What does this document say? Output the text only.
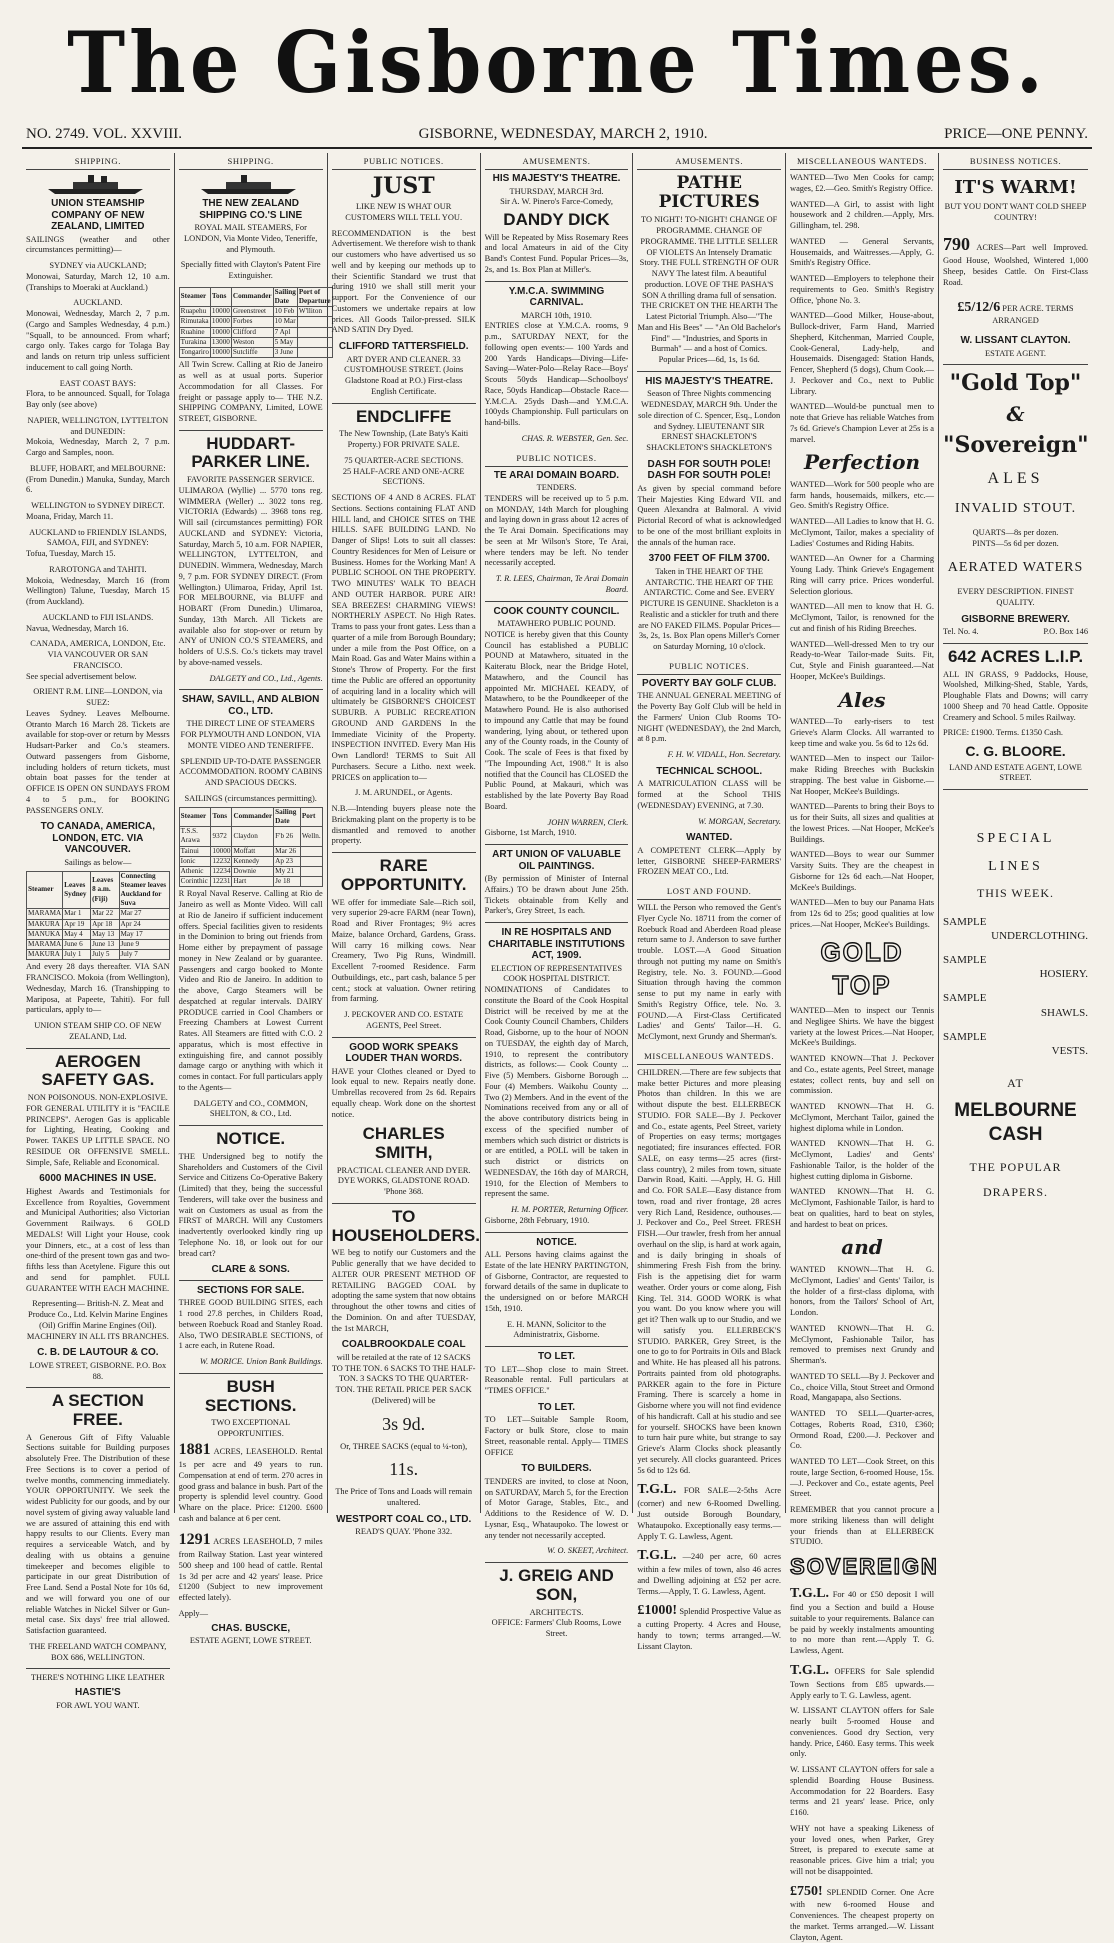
The Gisborne Times.
NO. 2749. VOL. XXVIII.	GISBORNE, WEDNESDAY, MARCH 2, 1910.	PRICE—ONE PENNY.
SHIPPING.
UNION STEAMSHIP COMPANY OF NEW ZEALAND, LIMITED
SAILINGS (weather and other circumstances permitting)—
SYDNEY via AUCKLAND;
Monowai, Saturday, March 12, 10 a.m. (Tranships to Moeraki at Auckland.)
AUCKLAND.
Monowai, Wednesday, March 2, 7 p.m. (Cargo and Samples Wednesday, 4 p.m.) "Squall, to be announced. From wharf; cargo only. Takes cargo for Tolaga Bay and lands on return trip unless sufficient inducement to call going North.
EAST COAST BAYS:
Flora, to be announced. Squall, for Tolaga Bay only (see above)
NAPIER, WELLINGTON, LYTTELTON and DUNEDIN:
Mokoia, Wednesday, March 2, 7 p.m. Cargo and Samples, noon.
BLUFF, HOBART, and MELBOURNE:
(From Dunedin.) Manuka, Sunday, March 6.
WELLINGTON to SYDNEY DIRECT.
Moana, Friday, March 11.
AUCKLAND to FRIENDLY ISLANDS, SAMOA, FIJI, and SYDNEY:
Tofua, Tuesday, March 15.
RAROTONGA and TAHITI.
Mokoia, Wednesday, March 16 (from Wellington) Talune, Tuesday, March 15 (from Auckland).
AUCKLAND to FIJI ISLANDS.
Navua, Wednesday, March 16.
CANADA, AMERICA, LONDON, Etc. VIA VANCOUVER OR SAN FRANCISCO.
See special advertisement below.
ORIENT R.M. LINE—LONDON, via SUEZ:
Leaves Sydney. Leaves Melbourne. Otranto March 16 March 28. Tickets are available for stop-over or return by Messrs Hudsart-Parker and Co.'s steamers. Outward passengers from Gisborne, including holders of return tickets, must obtain boat passes for the tender at OFFICE IS OPEN ON SUNDAYS FROM 4 to 5 p.m., for BOOKING PASSENGERS ONLY.
TO CANADA, AMERICA, LONDON, ETC. VIA VANCOUVER.
Sailings as below—
Steamer	Leaves Sydney	Leaves 8 a.m. (Fiji)	Connecting Steamer leaves Auckland for Suva
MARAMA	Mar 1	Mar 22	Mar 27
MAKURA	Apr 19	Apr 18	Apr 24
MANUKA	May 4	May 13	May 17
MARAMA	June 6	June 13	June 9
MAKURA	July 1	July 5	July 7
And every 28 days thereafter. VIA SAN FRANCISCO. Mokoia (from Wellington), Wednesday, March 16. (Transhipping to Mariposa, at Papeete, Tahiti). For full particulars, apply to—
UNION STEAM SHIP CO. OF NEW ZEALAND, Ltd.
AEROGEN SAFETY GAS.
NON POISONOUS. NON-EXPLOSIVE.
FOR GENERAL UTILITY it is "FACILE PRINCEPS". Aerogen Gas is applicable for Lighting, Heating, Cooking and Power. TAKES UP LITTLE SPACE. NO RESIDUE OR OFFENSIVE SMELL. Simple, Safe, Reliable and Economical.
6000 MACHINES IN USE.
Highest Awards and Testimonials for Excellence from Royalties, Government and Municipal Authorities; also Victorian Government Railways. 6 GOLD MEDALS! Will Light your House, cook your Dinners, etc., at a cost of less than one-third of the present town gas and two-fifths less than Acetylene. Figure this out and send for pamphlet. FULL GUARANTEE WITH EACH MACHINE.
Representing— British-N. Z. Meat and Produce Co., Ltd. Kelvin Marine Engines (Oil) Griffin Marine Engines (Oil). MACHINERY IN ALL ITS BRANCHES.
C. B. DE LAUTOUR & CO.
LOWE STREET, GISBORNE. P.O. Box 88.
A SECTION FREE.
A Generous Gift of Fifty Valuable Sections suitable for Building purposes absolutely Free. The Distribution of these Free Sections is to cover a period of twelve months, commencing immediately. YOUR OPPORTUNITY. We seek the widest Publicity for our goods, and by our novel system of giving away valuable land we are assured of attaining this end with happy results to our Clients. Every man requires a serviceable Watch, and by dealing with us obtains a genuine timekeeper and becomes eligible to participate in our great Distribution of Free Land. Send a Postal Note for 10s 6d, and we will forward you one of our reliable Watches in Nickel Silver or Gun-metal case. Six days' free trial allowed. Satisfaction guaranteed.
THE FREELAND WATCH COMPANY, BOX 686, WELLINGTON.
THERE'S NOTHING LIKE LEATHER
HASTIE'S
FOR AWL YOU WANT.
SHIPPING.
THE NEW ZEALAND SHIPPING CO.'S LINE
ROYAL MAIL STEAMERS, For LONDON, Via Monte Video, Teneriffe, and Plymouth.
Specially fitted with Clayton's Patent Fire Extinguisher.
Steamer	Tons	Commander	Sailing Date	Port of Departure
Ruapehu	10000	Greenstreet	10 Feb	W'lliton
Rimutaka	10000	Forbes	10 Mar	
Ruahine	10000	Clifford	7 Apl	
Turakina	13000	Weston	5 May	
Tongariro	10000	Sutcliffe	3 June	
All Twin Screw. Calling at Rio de Janeiro as well as at usual ports. Superior Accommodation for all Classes. For freight or passage apply to— THE N.Z. SHIPPING COMPANY, Limited, LOWE STREET, GISBORNE.
HUDDART-PARKER LINE.
FAVORITE PASSENGER SERVICE.
ULIMAROA (Wyllie) ... 5770 tons reg. WIMMERA (Weller) ... 3022 tons reg. VICTORIA (Edwards) ... 3968 tons reg. Will sail (circumstances permitting) FOR AUCKLAND and SYDNEY: Victoria, Saturday, March 5, 10 a.m. FOR NAPIER, WELLINGTON, LYTTELTON, and DUNEDIN. Wimmera, Wednesday, March 9, 7 p.m. FOR SYDNEY DIRECT. (From Wellington.) Ulimaroa, Friday, April 1st. FOR MELBOURNE, via BLUFF and HOBART (From Dunedin.) Ulimaroa, Sunday, 13th March. All Tickets are available also for stop-over or return by ANY of UNION CO.'S STEAMERS, and holders of U.S.S. Co.'s tickets may travel by above-named vessels.
DALGETY and CO., Ltd., Agents.
SHAW, SAVILL, AND ALBION CO., LTD.
THE DIRECT LINE OF STEAMERS FOR PLYMOUTH AND LONDON, VIA MONTE VIDEO AND TENERIFFE.
SPLENDID UP-TO-DATE PASSENGER ACCOMMODATION. ROOMY CABINS AND SPACIOUS DECKS.
SAILINGS (circumstances permitting).
Steamer	Tons	Commander	Sailing Date	Port
T.S.S. Arawa	9372	Claydon	F'b 26	Welln.
Tainui	10000	Moffatt	Mar 26	
Ionic	12232	Kennedy	Ap 23	
Athenic	12234	Downie	My 21	
Corinthic	12231	Hart	Je 18	
R Royal Naval Reserve. Calling at Rio de Janeiro as well as Monte Video. Will call at Rio de Janeiro if sufficient inducement offers. Special facilities given to residents in the Dominion to bring out friends from Home either by prepayment of passage money in New Zealand or by guarantee. Passengers and cargo booked to Monte Video and Rio de Janeiro. In addition to the above, Cargo Steamers will be despatched at regular intervals. DAIRY PRODUCE carried in Cool Chambers or Freezing Chambers at Lowest Current Rates. All Steamers are fitted with C.O. 2 apparatus, which is most effective in extinguishing fire, and cannot possibly damage cargo or anything with which it comes in contact. For full particulars apply to the Agents—
DALGETY and CO., COMMON, SHELTON, & CO., Ltd.
NOTICE.
THE Undersigned beg to notify the Shareholders and Customers of the Civil Service and Citizens Co-Operative Bakery (Limited) that they, being the successful Tenderers, will take over the business and wait on Customers as usual as from the FIRST of MARCH. Will any Customers inadvertently overlooked kindly ring up Telephone No. 18, or look out for our bread cart?
CLARE & SONS.
SECTIONS FOR SALE.
THREE GOOD BUILDING SITES, each 1 rood 27.8 perches, in Childers Road, between Roebuck Road and Stanley Road. Also, TWO DESIRABLE SECTIONS, of 1 acre each, in Rutene Road.
W. MORICE. Union Bank Buildings.
BUSH SECTIONS.
TWO EXCEPTIONAL OPPORTUNITIES.
1881 ACRES, LEASEHOLD. Rental 1s per acre and 49 years to run. Compensation at end of term. 270 acres in good grass and balance in bush. Part of the property is splendid level country. Good Whare on the place. Price: £1200. £600 cash and balance at 6 per cent.
1291 ACRES LEASEHOLD, 7 miles from Railway Station. Last year wintered 500 sheep and 100 head of cattle. Rental 1s 3d per acre and 42 years' lease. Price £1200 (Subject to new improvement effected lately).
Apply—
CHAS. BUSCKE,
ESTATE AGENT, LOWE STREET.
PUBLIC NOTICES.
JUST
LIKE NEW IS WHAT OUR CUSTOMERS WILL TELL YOU.
RECOMMENDATION is the best Advertisement. We therefore wish to thank our customers who have advertised us so well and by keeping our methods up to their Scientific Standard we trust that during 1910 we shall still merit your support. For the Convenience of our Customers we undertake repairs at low prices. All Goods Tailor-pressed. SILK AND SATIN Dry Dyed.
CLIFFORD TATTERSFIELD.
ART DYER AND CLEANER. 33 CUSTOMHOUSE STREET. (Joins Gladstone Road at P.O.) First-class English Certificate.
ENDCLIFFE
The New Township, (Late Baty's Kaiti Property.) FOR PRIVATE SALE.
75 QUARTER-ACRE SECTIONS.
25 HALF-ACRE AND ONE-ACRE SECTIONS.
SECTIONS OF 4 AND 8 ACRES. FLAT Sections. Sections containing FLAT AND HILL land, and CHOICE SITES on THE HILLS. SAFE BUILDING LAND. No Danger of Slips! Lots to suit all classes: Country Residences for Men of Leisure or Business. Homes for the Working Man! A PUBLIC SCHOOL ON THE PROPERTY. TWO MINUTES' WALK TO BEACH AND OUTER HARBOR. PURE AIR! SEA BREEZES! CHARMING VIEWS! NORTHERLY ASPECT. No High Rates. Trams to pass your front gates. Less than a quarter of a mile from Borough Boundary; under a mile from the Post Office, on a Main Road. Gas and Water Mains within a Stone's Throw of Property. For the first time the Public are offered an opportunity of acquiring land in a locality which will ultimately be GISBORNE'S CHOICEST SUBURB. A PUBLIC RECREATION GROUND AND GARDENS In the Immediate Vicinity of the Property. INSPECTION INVITED. Every Man His Own Landlord! TERMS to Suit All Purchasers. Secure a Litho. next week. PRICES on application to—
J. M. ARUNDEL, or Agents.
N.B.—Intending buyers please note the Brickmaking plant on the property is to be dismantled and removed to another property.
RARE OPPORTUNITY.
WE offer for immediate Sale—Rich soil, very superior 29-acre FARM (near Town), Road and River Frontages; 9½ acres Maize, balance Orchard, Gardens, Grass. Will carry 16 milking cows. Near Creamery, Two Pig Runs, Windmill. Excellent 7-roomed Residence. Farm Outbuildings, etc., part cash, balance 5 per cent.; stock at valuation. Owner retiring from farming.
J. PECKOVER AND CO. ESTATE AGENTS, Peel Street.
GOOD WORK SPEAKS LOUDER THAN WORDS.
HAVE your Clothes cleaned or Dyed to look equal to new. Repairs neatly done. Umbrellas recovered from 2s 6d. Repairs equally cheap. Work done on the shortest notice.
CHARLES SMITH,
PRACTICAL CLEANER AND DYER. DYE WORKS, GLADSTONE ROAD. 'Phone 368.
TO HOUSEHOLDERS.
WE beg to notify our Customers and the Public generally that we have decided to ALTER OUR PRESENT METHOD OF RETAILING BAGGED COAL by adopting the same system that now obtains throughout the other towns and cities of the Dominion. On and after TUESDAY, the 1st MARCH,
COALBROOKDALE COAL
will be retailed at the rate of 12 SACKS TO THE TON. 6 SACKS TO THE HALF-TON. 3 SACKS TO THE QUARTER-TON. THE RETAIL PRICE PER SACK (Delivered) will be
3s 9d.
Or, THREE SACKS (equal to ¼-ton),
11s.
The Price of Tons and Loads will remain unaltered.
WESTPORT COAL CO., LTD.
READ'S QUAY. 'Phone 332.
AMUSEMENTS.
HIS MAJESTY'S THEATRE.
THURSDAY, MARCH 3rd.
Sir A. W. Pinero's Farce-Comedy,
DANDY DICK
Will be Repeated by Miss Rosemary Rees and local Amateurs in aid of the City Band's Contest Fund. Popular Prices—3s, 2s, and 1s. Box Plan at Miller's.
Y.M.C.A. SWIMMING CARNIVAL.
MARCH 10th, 1910.
ENTRIES close at Y.M.C.A. rooms, 9 p.m., SATURDAY NEXT, for the following open events:— 100 Yards and 200 Yards Handicaps—Diving—Life-Saving—Water-Polo—Relay Race—Boys' Scouts 50yds Handicap—Schoolboys' Race, 50yds Handicap—Obstacle Race—Y.M.C.A. 25yds Dash—and Y.M.C.A. 100yds Championship. Full particulars on hand-bills.
CHAS. R. WEBSTER, Gen. Sec.
PUBLIC NOTICES.
TE ARAI DOMAIN BOARD.
TENDERS.
TENDERS will be received up to 5 p.m. on MONDAY, 14th March for ploughing and laying down in grass about 12 acres of the Te Arai Domain. Specifications may be seen at Mr Wilson's Store, Te Arai, where tenders may be left. No tender necessarily accepted.
T. R. LEES, Chairman, Te Arai Domain Board.
COOK COUNTY COUNCIL.
MATAWHERO PUBLIC POUND.
NOTICE is hereby given that this County Council has established a PUBLIC POUND at Matawhero, situated in the Kaiteratu Block, near the Bridge Hotel, Matawhero, and the Council has appointed Mr. MICHAEL KEADY, of Matawhero, to be the Poundkeeper of the Matawhero Pound. He is also authorised to impound any Cattle that may be found wandering, lying about, or tethered upon any of the County roads, in the County of Cook. The scale of Fees is that fixed by "The Impounding Act, 1908." It is also notified that the Council has CLOSED the Public Pound, at Makauri, which was established by the late Poverty Bay Road Board.
JOHN WARREN, Clerk.
Gisborne, 1st March, 1910.
ART UNION OF VALUABLE OIL PAINTINGS.
(By permission of Minister of Internal Affairs.) TO be drawn about June 25th. Tickets obtainable from Kelly and Parker's, Grey Street, 1s each.
IN RE HOSPITALS AND CHARITABLE INSTITUTIONS ACT, 1909.
ELECTION OF REPRESENTATIVES COOK HOSPITAL DISTRICT.
NOMINATIONS of Candidates to constitute the Board of the Cook Hospital District will be received by me at the Cook County Council Chambers, Childers Road, Gisborne, up to the hour of NOON on TUESDAY, the eighth day of March, 1910, to represent the contributory districts, as follows:— Cook County ... Five (5) Members. Gisborne Borough ... Four (4) Members. Waikohu County ... Two (2) Members. And in the event of the Nominations received from any or all of the above contributory districts being in excess of the specified number of members which such district or districts is or are entitled, a POLL will be taken in such district or districts on WEDNESDAY, the 16th day of MARCH, 1910, for the Election of Members to represent the same.
H. M. PORTER, Returning Officer.
Gisborne, 28th February, 1910.
NOTICE.
ALL Persons having claims against the Estate of the late HENRY PARTINGTON, of Gisborne, Contractor, are requested to forward details of the same in duplicate to the undersigned on or before MARCH 15th, 1910.
E. H. MANN, Solicitor to the Administratrix, Gisborne.
TO LET.
TO LET—Shop close to main Street. Reasonable rental. Full particulars at "TIMES OFFICE."
TO LET.
TO LET—Suitable Sample Room, Factory or bulk Store, close to main Street, reasonable rental. Apply— TIMES OFFICE
TO BUILDERS.
TENDERS are invited, to close at Noon, on SATURDAY, March 5, for the Erection of Motor Garage, Stables, Etc., and Additions to the Residence of W. D. Lysnar, Esq., Whataupoko. The lowest or any tender not necessarily accepted.
W. O. SKEET, Architect.
J. GREIG AND SON,
ARCHITECTS.
OFFICE: Farmers' Club Rooms, Lowe Street.
AMUSEMENTS.
PATHE PICTURES
TO NIGHT! TO-NIGHT! CHANGE OF PROGRAMME. CHANGE OF PROGRAMME. THE LITTLE SELLER OF VIOLETS An Intensely Dramatic Story. THE FULL STRENGTH OF OUR NAVY The latest film. A beautiful production. LOVE OF THE PASHA'S SON A thrilling drama full of sensation. THE CRICKET ON THE HEARTH The Latest Pictorial Triumph. Also—"The Man and His Bees" — "An Old Bachelor's Find" — "Industries, and Sports in Burmah" — and a host of Comics. Popular Prices—6d, 1s, 1s 6d.
HIS MAJESTY'S THEATRE.
Season of Three Nights commencing WEDNESDAY, MARCH 9th. Under the sole direction of C. Spencer, Esq., London and Sydney. LIEUTENANT SIR ERNEST SHACKLETON'S SHACKLETON'S SHACKLETON'S
DASH FOR SOUTH POLE! DASH FOR SOUTH POLE!
As given by special command before Their Majesties King Edward VII. and Queen Alexandra at Balmoral. A vivid Pictorial Record of what is acknowledged to be one of the most brilliant exploits in the annals of the human race.
3700 FEET OF FILM 3700.
Taken in THE HEART OF THE ANTARCTIC. THE HEART OF THE ANTARCTIC. Come and See. EVERY PICTURE IS GENUINE. Shackleton is a Realistic and a stickler for truth and there are NO FAKED FILMS. Popular Prices—3s, 2s, 1s. Box Plan opens Miller's Corner on Saturday Morning, 10 o'clock.
PUBLIC NOTICES.
POVERTY BAY GOLF CLUB.
THE ANNUAL GENERAL MEETING of the Poverty Bay Golf Club will be held in the Farmers' Union Club Rooms TO-NIGHT (WEDNESDAY), the 2nd March, at 8 p.m.
F. H. W. VIDALL, Hon. Secretary.
TECHNICAL SCHOOL.
A MATRICULATION CLASS will be formed at the School THIS (WEDNESDAY) EVENING, at 7.30.
W. MORGAN, Secretary.
WANTED.
A COMPETENT CLERK—Apply by letter, GISBORNE SHEEP-FARMERS' FROZEN MEAT CO., Ltd.
LOST AND FOUND.
WILL the Person who removed the Gent's Flyer Cycle No. 18711 from the corner of Roebuck Road and Aberdeen Road please return same to J. Anderson to save further trouble. LOST.—A Good Situation through not putting my name on Smith's Registry, tele. No. 3. FOUND.—Good Situation through having the common sense to put my name in early with Smith's Registry Office, tele. No. 3. FOUND.—A First-Class Certificated Ladies' and Gents' Tailor—H. G. McClymont, next Grundy and Sherman's.
MISCELLANEOUS WANTEDS.
CHILDREN.—There are few subjects that make better Pictures and more pleasing Photos than children. In this we are without dispute the best. ELLERBECK STUDIO. FOR SALE—By J. Peckover and Co., estate agents, Peel Street, variety of Properties on easy terms; mortgages negotiated; fire insurances effected. FOR SALE, on easy terms—25 acres (first-class country), 2 miles from town, situate Darwin Road, Kaiti. —Apply, H. G. Hill and Co. FOR SALE—Easy distance from town, road and river frontage, 28 acres very Rich Land, Residence, outhouses.—J. Peckover and Co., Peel Street. FRESH FISH.—Our trawler, fresh from her annual overhaul on the slip, is hard at work again, and is daily bringing in shoals of shimmering Fresh Fish from the briny. Fish is the appetising diet for warm weather. Order yours or come along, Fish King. Tel. 314. GOOD WORK is what you want. Do you know where you will get it? Then walk up to our Studio, and we will satisfy you. ELLERBECK'S STUDIO. PARKER, Grey Street, is the one to go to for Portraits in Oils and Black and White. He has pleased all his patrons. Portraits painted from old photographs. PARKER again to the fore in Picture Framing. There is scarcely a home in Gisborne where you will not find evidence of his handicraft. Call at his studio and see for yourself. SHOCKS have been known to turn hair pure white, but strange to say Grieve's Alarm Clocks shock pleasantly yet securely. All clocks guaranteed. Prices 5s 6d to 12s 6d.
T.G.L. FOR SALE—2-5ths Acre (corner) and new 6-Roomed Dwelling. Just outside Borough Boundary, Whataupoko. Exceptionally easy terms.—Apply T. G. Lawless, Agent.
T.G.L. —240 per acre, 60 acres within a few miles of town, also 46 acres and Dwelling adjoining at £52 per acre. Terms.—Apply, T. G. Lawless, Agent.
£1000! Splendid Prospective Value as a cutting Property. 4 Acres and House, handy to town; terms arranged.—W. Lissant Clayton.
MISCELLANEOUS WANTEDS.
WANTED—Two Men Cooks for camp; wages, £2.—Geo. Smith's Registry Office.
WANTED—A Girl, to assist with light housework and 2 children.—Apply, Mrs. Gillingham, tel. 298.
WANTED — General Servants, Housemaids, and Waitresses.—Apply, G. Smith's Registry Office.
WANTED—Employers to telephone their requirements to Geo. Smith's Registry Office, 'phone No. 3.
WANTED—Good Milker, House-about, Bullock-driver, Farm Hand, Married Shepherd, Kitchenman, Married Couple, Cook-General, Lady-help, and Housemaids. Disengaged: Station Hands, Fencer, Shepherd (5 dogs), Chum Cook.—J. Peckover and Co., next to Public Library.
WANTED—Would-be punctual men to note that Grieve has reliable Watches from 7s 6d. Grieve's Champion Lever at 25s is a marvel.
Perfection
WANTED—Work for 500 people who are farm hands, housemaids, milkers, etc.—Geo. Smith's Registry Office.
WANTED—All Ladies to know that H. G. McClymont, Tailor, makes a speciality of Ladies' Costumes and Riding Habits.
WANTED—An Owner for a Charming Young Lady. Think Grieve's Engagement Ring will carry price. Prices wonderful. Selection glorious.
WANTED—All men to know that H. G. McClymont, Tailor, is renowned for the cut and finish of his Riding Breeches.
WANTED—Well-dressed Men to try our Ready-to-Wear Tailor-made Suits. Fit, Cut, Style and Finish guaranteed.—Nat Hooper, McKee's Buildings.
Ales
WANTED—To early-risers to test Grieve's Alarm Clocks. All warranted to keep time and wake you. 5s 6d to 12s 6d.
WANTED—Men to inspect our Tailor-make Riding Breeches with Buckskin strapping. The best value in Gisborne.—Nat Hooper, McKee's Buildings.
WANTED—Parents to bring their Boys to us for their Suits, all sizes and qualities at the lowest Prices. —Nat Hooper, McKee's Buildings.
WANTED—Boys to wear our Summer Varsity Suits. They are the cheapest in Gisborne for 12s 6d each.—Nat Hooper, McKee's Buildings.
WANTED—Men to buy our Panama Hats from 12s 6d to 25s; good qualities at low prices.—Nat Hooper, McKee's Buildings.
GOLD TOP
WANTED—Men to inspect our Tennis and Negligee Shirts. We have the biggest variety at the lowest Prices.—Nat Hooper, McKee's Buildings.
WANTED KNOWN—That J. Peckover and Co., estate agents, Peel Street, manage estates; collect rents, buy and sell on commission.
WANTED KNOWN—That H. G. McClymont, Merchant Tailor, gained the highest diploma while in London.
WANTED KNOWN—That H. G. McClymont, Ladies' and Gents' Fashionable Tailor, is the holder of the highest cutting diploma in Gisborne.
WANTED KNOWN—That H. G. McClymont, Fashionable Tailor, is hard to beat on qualities, hard to beat on styles, and hardest to beat on prices.
and
WANTED KNOWN—That H. G. McClymont, Ladies' and Gents' Tailor, is the holder of a first-class diploma, with honors, from the Tailors' School of Art, London.
WANTED KNOWN—That H. G. McClymont, Fashionable Tailor, has removed to premises next Grundy and Sherman's.
WANTED TO SELL—By J. Peckover and Co., choice Villa, Stout Street and Ormond Road, Mangapapa, also Sections.
WANTED TO SELL—Quarter-acres, Cottages, Roberts Road, £310, £360; Ormond Road, £200.—J. Peckover and Co.
WANTED TO LET—Cook Street, on this route, large Section, 6-roomed House, 15s.—J. Peckover and Co., estate agents, Peel Street.
REMEMBER that you cannot procure a more striking likeness than will delight your friends than at ELLERBECK STUDIO.
SOVEREIGN
T.G.L. For 40 or £50 deposit I will find you a Section and build a House suitable to your requirements. Balance can be paid by weekly instalments amounting to no more than rent.—Apply T. G. Lawless, Agent.
T.G.L. OFFERS for Sale splendid Town Sections from £85 upwards.—Apply early to T. G. Lawless, agent.
W. LISSANT CLAYTON offers for Sale nearly built 5-roomed House and conveniences. Good dry Section, very handy. Price, £460. Easy terms. This week only.
W. LISSANT CLAYTON offers for sale a splendid Boarding House Business. Accommodation for 22 Boarders. Easy terms and 21 years' lease. Price, only £160.
WHY not have a speaking Likeness of your loved ones, when Parker, Grey Street, is prepared to execute same at reasonable prices. Give him a trial; you will not be disappointed.
£750! SPLENDID Corner. One Acre with new 6-roomed House and Conveniences. The cheapest property on the market. Terms arranged.—W. Lissant Clayton, Agent.
BUSINESS NOTICES.
IT'S WARM!
BUT YOU DON'T WANT COLD SHEEP COUNTRY!
790 ACRES—Part well Improved. Good House, Woolshed, Wintered 1,000 Sheep, besides Cattle. On First-Class Road.
£5/12/6 PER ACRE. TERMS ARRANGED
W. LISSANT CLAYTON.
ESTATE AGENT.
"Gold Top"
&
"Sovereign"
ALES
INVALID STOUT.
QUARTS—8s per dozen.
PINTS—5s 6d per dozen.
AERATED WATERS
EVERY DESCRIPTION. FINEST QUALITY.
GISBORNE BREWERY.
Tel. No. 4.	P.O. Box 146
642 ACRES L.I.P.
ALL IN GRASS, 9 Paddocks, House, Woolshed, Milking-Shed, Stable, Yards, Ploughable Flats and Downs; will carry 1000 Sheep and 70 head Cattle. Opposite Creamery and School. 5 miles Railway.
PRICE: £1900. Terms. £1350 Cash.
C. G. BLOORE.
LAND AND ESTATE AGENT, LOWE STREET.
SPECIAL
LINES
THIS WEEK.
SAMPLE
UNDERCLOTHING.
SAMPLE
HOSIERY.
SAMPLE
SHAWLS.
SAMPLE
VESTS.
AT
MELBOURNE
CASH
THE POPULAR
DRAPERS.
